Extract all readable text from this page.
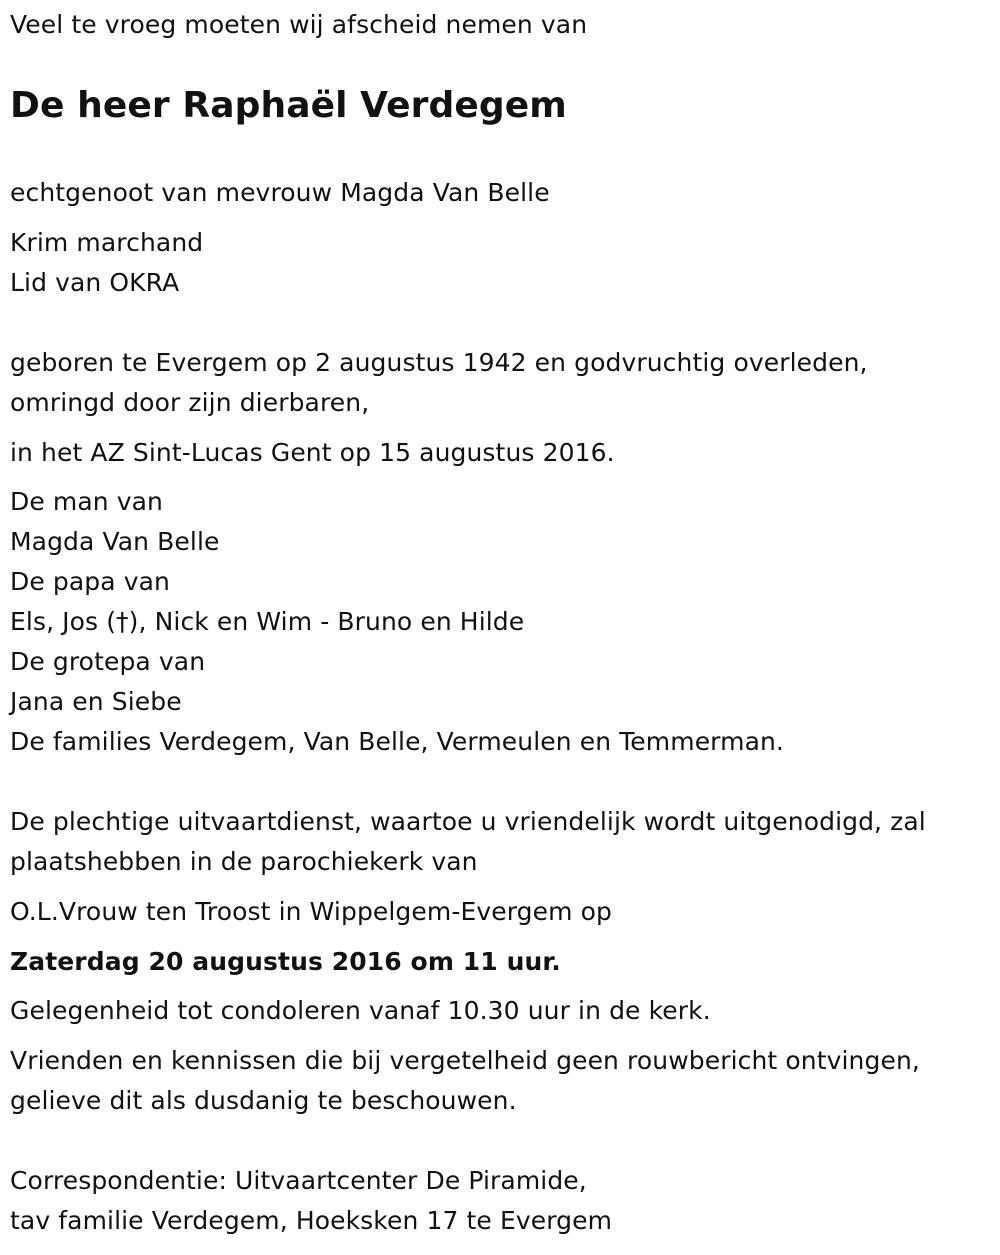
Veel te vroeg moeten wij afscheid nemen van
De heer Raphaël Verdegem
echtgenoot van mevrouw Magda Van Belle
Krim marchand
Lid van OKRA
geboren te Evergem op 2 augustus 1942 en godvruchtig overleden,
omringd door zijn dierbaren,
in het AZ Sint-Lucas Gent op 15 augustus 2016.
De man van
Magda Van Belle
De papa van
Els, Jos (†), Nick en Wim - Bruno en Hilde
De grotepa van
Jana en Siebe
De families Verdegem, Van Belle, Vermeulen en Temmerman.
De plechtige uitvaartdienst, waartoe u vriendelijk wordt uitgenodigd, zal
plaatshebben in de parochiekerk van
O.L.Vrouw ten Troost in Wippelgem-Evergem op
Zaterdag 20 augustus 2016 om 11 uur.
Gelegenheid tot condoleren vanaf 10.30 uur in de kerk.
Vrienden en kennissen die bij vergetelheid geen rouwbericht ontvingen,
gelieve dit als dusdanig te beschouwen.
Correspondentie: Uitvaartcenter De Piramide,
tav familie Verdegem, Hoeksken 17 te Evergem
